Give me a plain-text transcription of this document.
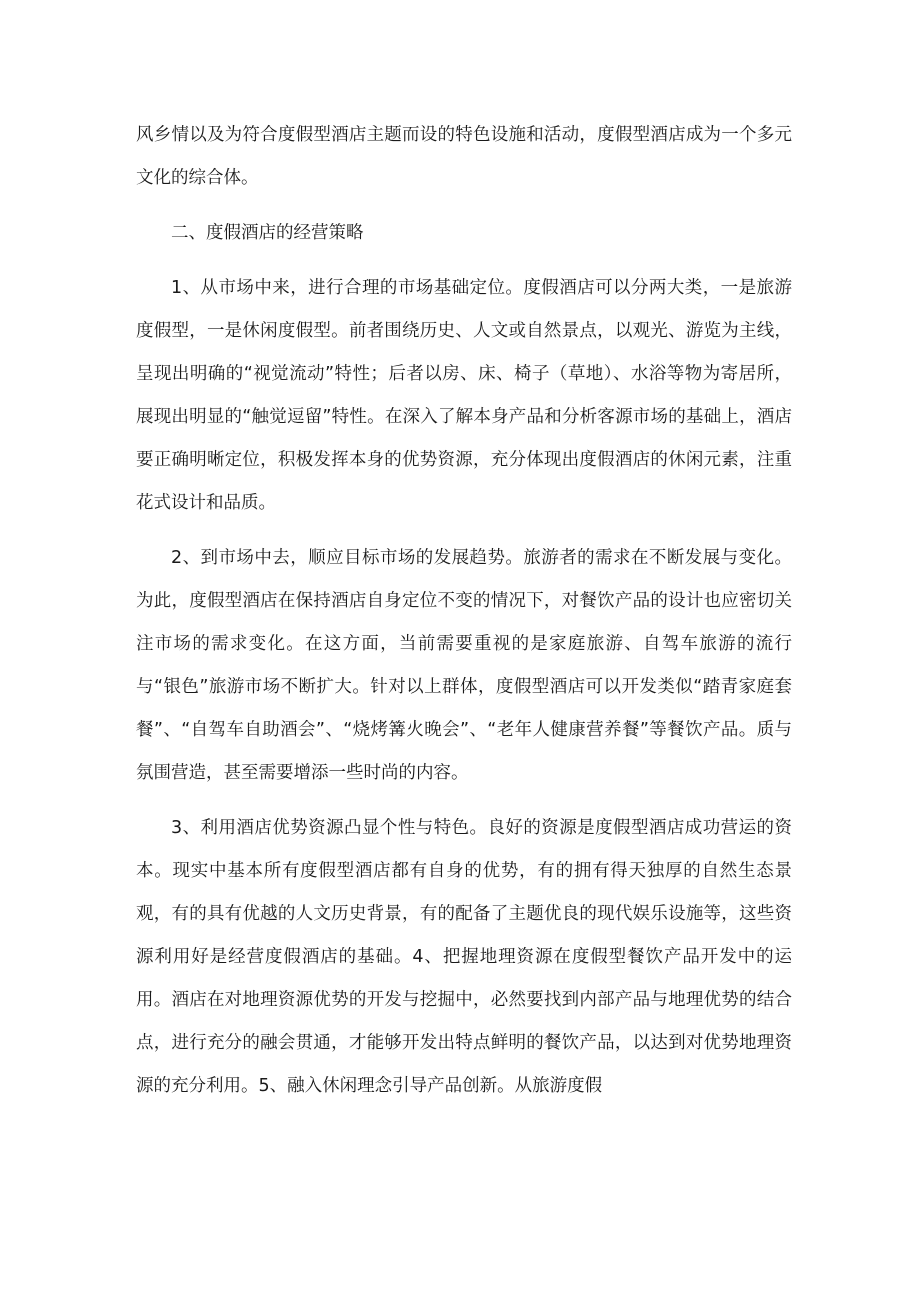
风乡情以及为符合度假型酒店主题而设的特色设施和活动，度假型酒店成为一个多元文化的综合体。

二、度假酒店的经营策略

1、从市场中来，进行合理的市场基础定位。度假酒店可以分两大类，一是旅游度假型，一是休闲度假型。前者围绕历史、人文或自然景点，以观光、游览为主线，呈现出明确的“视觉流动”特性；后者以房、床、椅子（草地）、水浴等物为寄居所，展现出明显的“触觉逗留”特性。在深入了解本身产品和分析客源市场的基础上，酒店要正确明晰定位，积极发挥本身的优势资源，充分体现出度假酒店的休闲元素，注重花式设计和品质。

2、到市场中去，顺应目标市场的发展趋势。旅游者的需求在不断发展与变化。为此，度假型酒店在保持酒店自身定位不变的情况下，对餐饮产品的设计也应密切关注市场的需求变化。在这方面，当前需要重视的是家庭旅游、自驾车旅游的流行与“银色”旅游市场不断扩大。针对以上群体，度假型酒店可以开发类似“踏青家庭套餐”、“自驾车自助酒会”、“烧烤篝火晚会”、“老年人健康营养餐”等餐饮产品。质与氛围营造，甚至需要增添一些时尚的内容。

3、利用酒店优势资源凸显个性与特色。良好的资源是度假型酒店成功营运的资本。现实中基本所有度假型酒店都有自身的优势，有的拥有得天独厚的自然生态景观，有的具有优越的人文历史背景，有的配备了主题优良的现代娱乐设施等，这些资源利用好是经营度假酒店的基础。4、把握地理资源在度假型餐饮产品开发中的运用。酒店在对地理资源优势的开发与挖掘中，必然要找到内部产品与地理优势的结合点，进行充分的融会贯通，才能够开发出特点鲜明的餐饮产品，以达到对优势地理资源的充分利用。5、融入休闲理念引导产品创新。从旅游度假
